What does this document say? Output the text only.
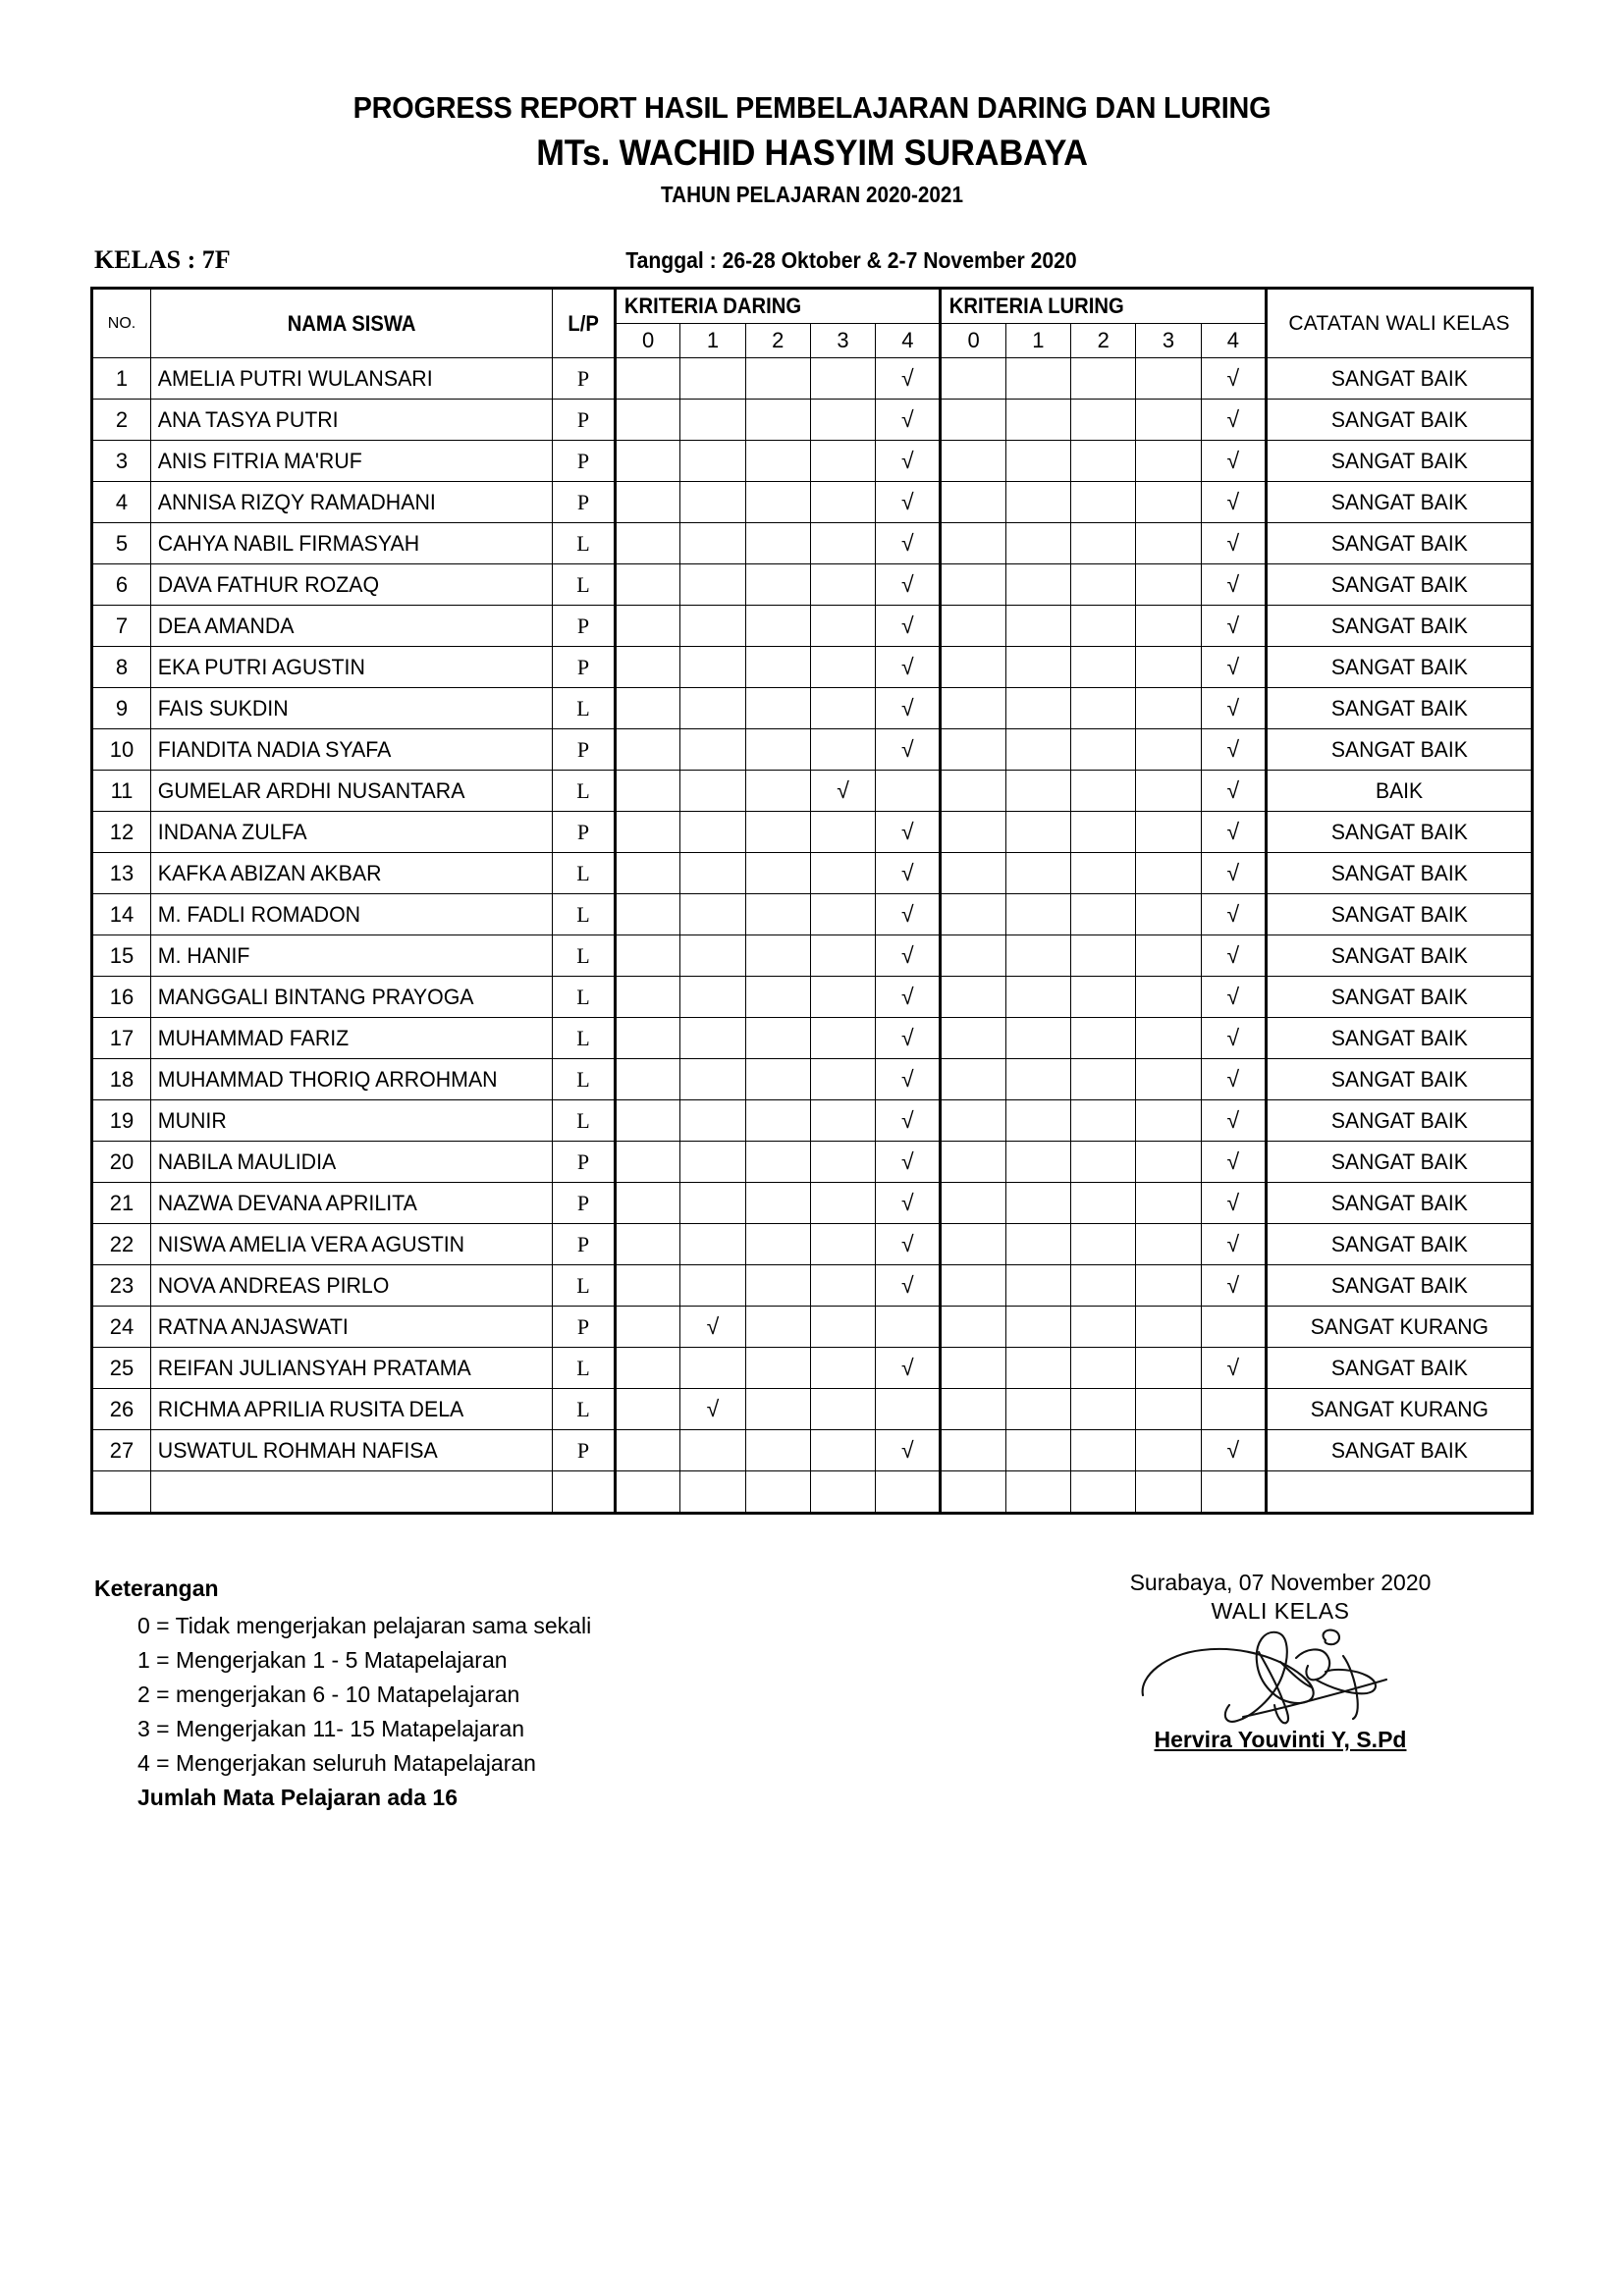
PROGRESS REPORT HASIL PEMBELAJARAN DARING DAN LURING
MTs. WACHID HASYIM SURABAYA
TAHUN PELAJARAN 2020-2021
KELAS : 7F	Tanggal : 26-28 Oktober & 2-7 November 2020
NO.	NAMA SISWA	L/P	KRITERIA DARING					KRITERIA LURING					CATATAN WALI KELAS
			0	1	2	3	4	0	1	2	3	4	
1	AMELIA PUTRI WULANSARI	P					√					√	SANGAT BAIK
2	ANA TASYA PUTRI	P					√					√	SANGAT BAIK
3	ANIS FITRIA MA'RUF	P					√					√	SANGAT BAIK
4	ANNISA RIZQY RAMADHANI	P					√					√	SANGAT BAIK
5	CAHYA NABIL FIRMASYAH	L					√					√	SANGAT BAIK
6	DAVA FATHUR ROZAQ	L					√					√	SANGAT BAIK
7	DEA AMANDA	P					√					√	SANGAT BAIK
8	EKA PUTRI AGUSTIN	P					√					√	SANGAT BAIK
9	FAIS SUKDIN	L					√					√	SANGAT BAIK
10	FIANDITA NADIA SYAFA	P					√					√	SANGAT BAIK
11	GUMELAR ARDHI NUSANTARA	L				√						√	BAIK
12	INDANA ZULFA	P					√					√	SANGAT BAIK
13	KAFKA ABIZAN AKBAR	L					√					√	SANGAT BAIK
14	M. FADLI ROMADON	L					√					√	SANGAT BAIK
15	M. HANIF	L					√					√	SANGAT BAIK
16	MANGGALI BINTANG PRAYOGA	L					√					√	SANGAT BAIK
17	MUHAMMAD FARIZ	L					√					√	SANGAT BAIK
18	MUHAMMAD THORIQ ARROHMAN	L					√					√	SANGAT BAIK
19	MUNIR	L					√					√	SANGAT BAIK
20	NABILA MAULIDIA	P					√					√	SANGAT BAIK
21	NAZWA DEVANA APRILITA	P					√					√	SANGAT BAIK
22	NISWA AMELIA VERA AGUSTIN	P					√					√	SANGAT BAIK
23	NOVA ANDREAS PIRLO	L					√					√	SANGAT BAIK
24	RATNA ANJASWATI	P		√									SANGAT KURANG
25	REIFAN JULIANSYAH PRATAMA	L					√					√	SANGAT BAIK
26	RICHMA APRILIA RUSITA DELA	L		√									SANGAT KURANG
27	USWATUL ROHMAH NAFISA	P					√					√	SANGAT BAIK

Keterangan
0 = Tidak mengerjakan pelajaran sama sekali
1 = Mengerjakan 1 - 5 Matapelajaran
2 = mengerjakan 6 - 10 Matapelajaran
3 = Mengerjakan 11- 15 Matapelajaran
4 = Mengerjakan seluruh Matapelajaran
Jumlah Mata Pelajaran ada 16
Surabaya, 07 November 2020
WALI KELAS
Hervira Youvinti Y, S.Pd
